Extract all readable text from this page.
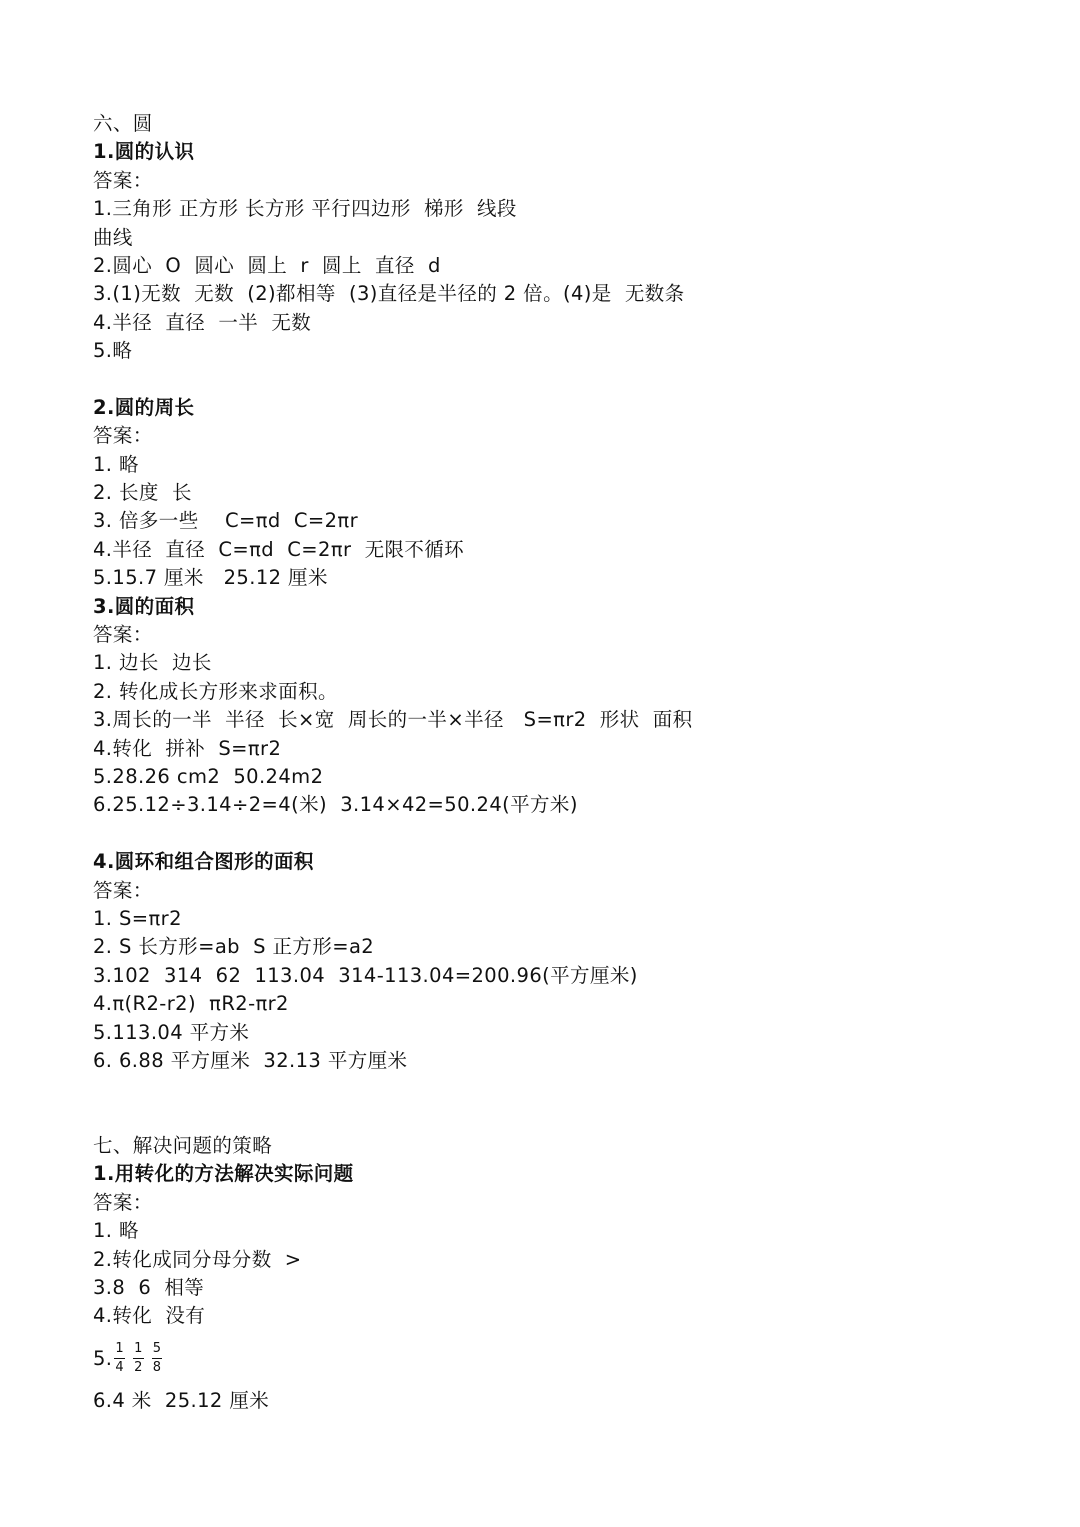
六、圆
1.圆的认识
答案：
1.三角形 正方形 长方形 平行四边形  梯形  线段
曲线
2.圆心  O  圆心  圆上  r  圆上  直径  d
3.(1)无数  无数  (2)都相等  (3)直径是半径的 2 倍。(4)是  无数条
4.半径  直径  一半  无数
5.略
2.圆的周长
答案：
1. 略
2. 长度  长
3. 倍多一些    C=πd  C=2πr
4.半径  直径  C=πd  C=2πr  无限不循环
5.15.7 厘米   25.12 厘米
3.圆的面积
答案：
1. 边长  边长
2. 转化成长方形来求面积。
3.周长的一半  半径  长×宽  周长的一半×半径   S=πr2  形状  面积
4.转化  拼补  S=πr2
5.28.26 cm2  50.24m2
6.25.12÷3.14÷2=4(米)  3.14×42=50.24(平方米)
4.圆环和组合图形的面积
答案：
1. S=πr2
2. S 长方形=ab  S 正方形=a2
3.102  314  62  113.04  314-113.04=200.96(平方厘米)
4.π(R2-r2)  πR2-πr2
5.113.04 平方米
6. 6.88 平方厘米  32.13 平方厘米
七、解决问题的策略
1.用转化的方法解决实际问题
答案：
1. 略
2.转化成同分母分数  >
3.8  6  相等
4.转化  没有
5. $\frac{1}{4} \frac{1}{2} \frac{5}{8}$
6.4 米  25.12 厘米
